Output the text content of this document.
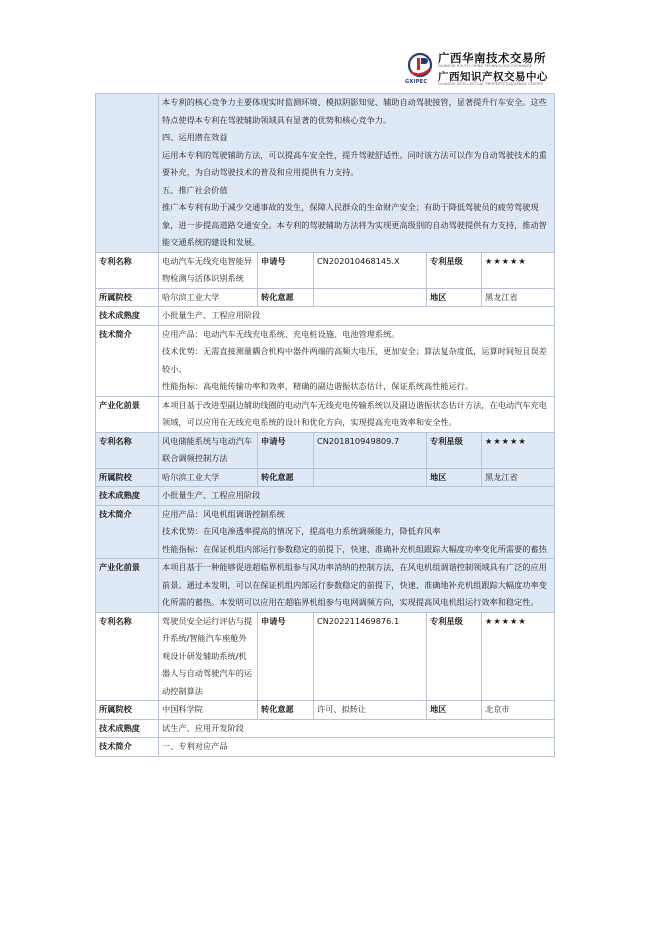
GXIPEC
广西华南技术交易所
GUANGXI SOUTH CHINA TECHNOLOGY EXCHANGE
广西知识产权交易中心
GUANGXI INTELLECTUAL PROPERTY EXCHANGE CENTER

	本专利的核心竞争力主要体现实时监测环境、模拟阴影知觉、辅助自动驾驶接管，显著提升行车安全。这些特点使得本专利在驾驶辅助领域具有显著的优势和核心竞争力。
四、运用潜在效益
运用本专利的驾驶辅助方法，可以提高车安全性，提升驾驶舒适性。同时该方法可以作为自动驾驶技术的重要补充，为自动驾驶技术的普及和应用提供有力支持。
五、推广社会价值
推广本专利有助于减少交通事故的发生，保障人民群众的生命财产安全；有助于降低驾驶员的疲劳驾驶现象，进一步提高道路交通安全。本专利的驾驶辅助方法将为实现更高级别的自动驾驶提供有力支持，推动智能交通系统的建设和发展。				

专利名称	电动汽车无线充电智能异物检测与活体识别系统	申请号	CN202010468145.X	专利星级	★★★★★
所属院校	哈尔滨工业大学	转化意愿		地区	黑龙江省
技术成熟度	小批量生产、工程应用阶段				
技术简介	应用产品：电动汽车无线充电系统、充电桩设施、电池管理系统。
技术优势：无需直接测量耦合机构中器件两端的高频大电压，更加安全；算法复杂度低，运算时间短且误差较小。
性能指标：高电能传输功率和效率，精确的副边谐振状态估计，保证系统高性能运行。				

产业化前景	本项目基于改进型副边辅助线圈的电动汽车无线充电传输系统以及副边谐振状态估计方法，在电动汽车充电领域，可以应用在无线充电系统的设计和优化方向，实现提高充电效率和安全性。				
专利名称	风电储能系统与电动汽车联合调频控制方法	申请号	CN201810949809.7	专利星级	★★★★★
所属院校	哈尔滨工业大学	转化意愿		地区	黑龙江省
技术成熟度	小批量生产、工程应用阶段				
技术简介	应用产品：风电机组调谐控制系统
技术优势：在风电渗透率提高的情况下，提高电力系统调频能力，降低弃风率
性能指标：在保证机组内部运行参数稳定的前提下，快速、准确补充机组跟踪大幅度功率变化所需要的蓄热				

产业化前景	本项目基于一种能够促进超临界机组参与风功率消纳的控制方法，在风电机组调谐控制领域具有广泛的应用前景。通过本发明，可以在保证机组内部运行参数稳定的前提下，快速、准确地补充机组跟踪大幅度功率变化所需的蓄热。本发明可以应用在超临界机组参与电网调频方向，实现提高风电机组运行效率和稳定性。				
专利名称	驾驶员安全运行评估与提升系统/智能汽车座舱外观设计研发辅助系统/机器人与自动驾驶汽车的运动控制算法	申请号	CN202211469876.1	专利星级	★★★★★
所属院校	中国科学院	转化意愿	许可、拟转让	地区	北京市
技术成熟度	试生产、应用开发阶段				
技术简介	一、专利对应产品				
